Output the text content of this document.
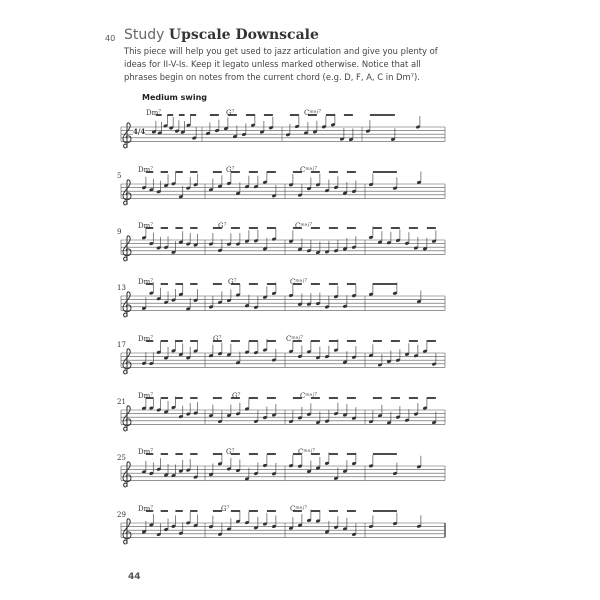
40 Study Upscale Downscale
This piece will help you get used to jazz articulation and give you plenty of ideas for II-V-Is. Keep it legato unless marked otherwise. Notice that all phrases begin on notes from the current chord (e.g. D, F, A, C in Dm⁷).
Medium swing
Dm⁷	G⁷	Cᵐᵃʲ⁷
5
Dm⁷	G⁷	Cᵐᵃʲ⁷
9
Dm⁷	G⁷	Cᵐᵃʲ⁷
13
Dm⁷	G⁷	Cᵐᵃʲ⁷
17
Dm⁷	G⁷	Cᵐᵃʲ⁷
21
Dm⁷	G⁷	Cᵐᵃʲ⁷
25
Dm⁷	G⁷	Cᵐᵃʲ⁷
29
Dm⁷	G⁷	Cᵐᵃʲ⁷
4/4
44
